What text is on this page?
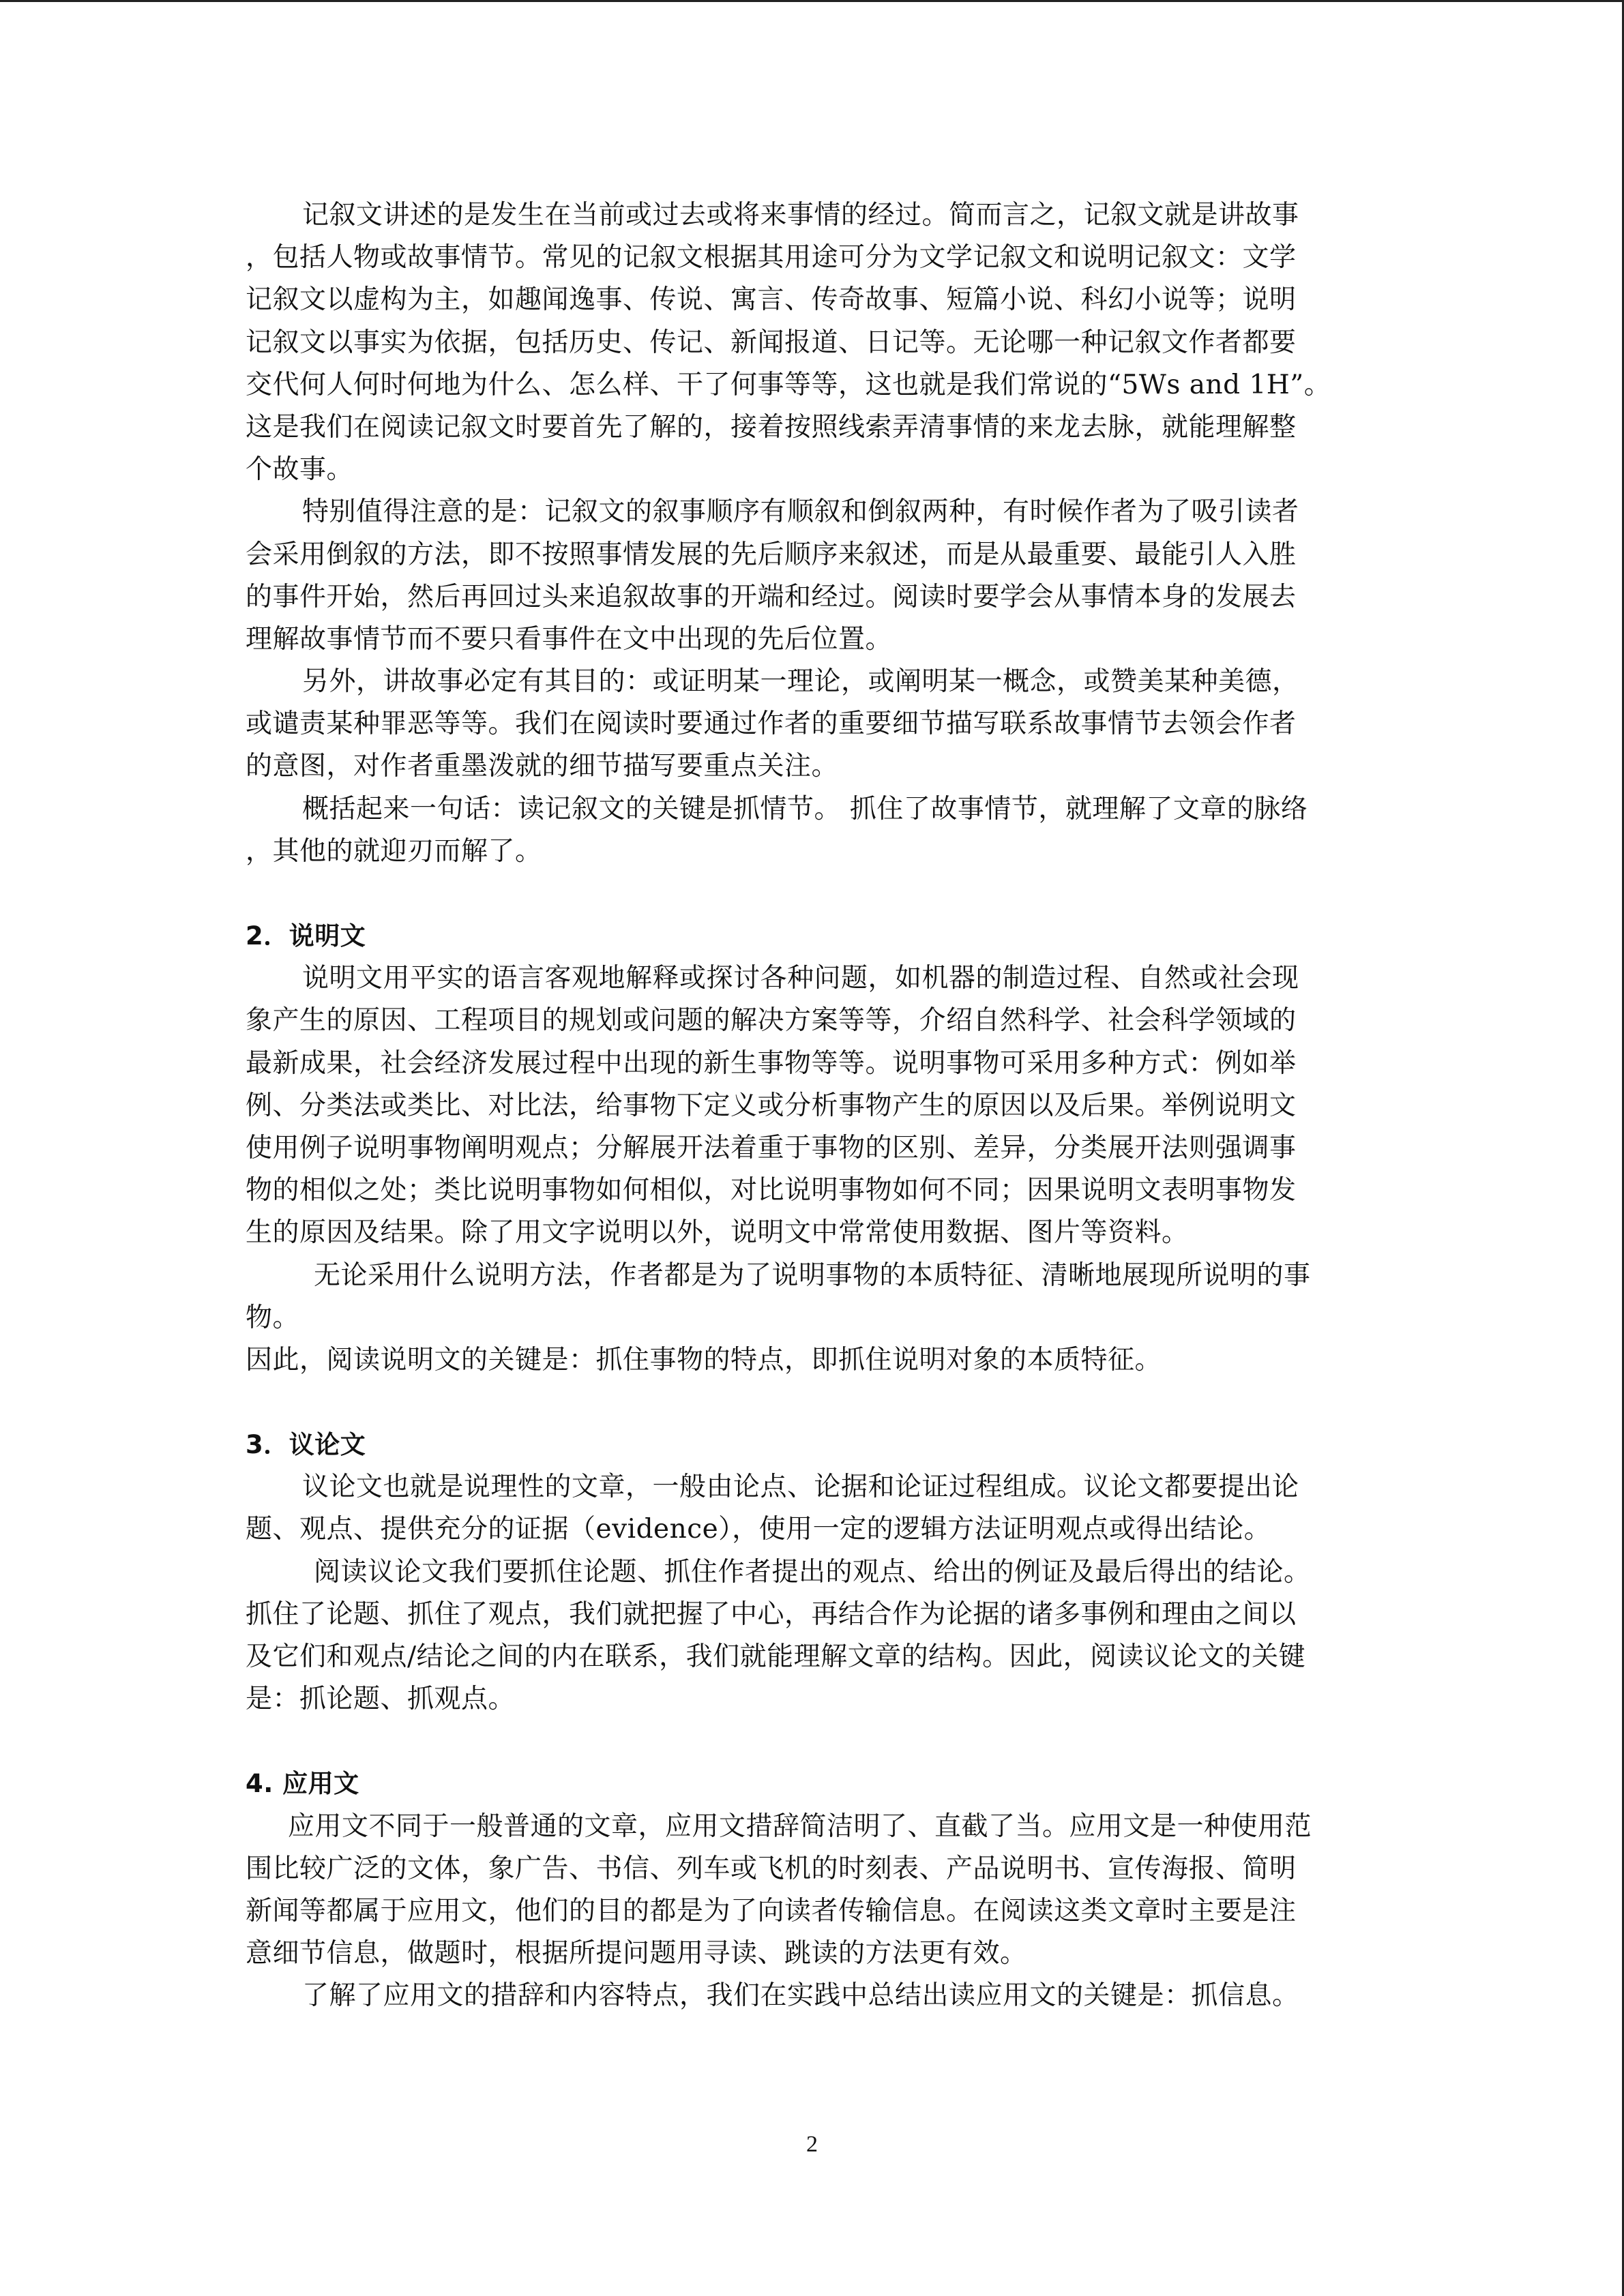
记叙文讲述的是发生在当前或过去或将来事情的经过。简而言之，记叙文就是讲故事
，包括人物或故事情节。常见的记叙文根据其用途可分为文学记叙文和说明记叙文：文学
记叙文以虚构为主，如趣闻逸事、传说、寓言、传奇故事、短篇小说、科幻小说等；说明
记叙文以事实为依据，包括历史、传记、新闻报道、日记等。无论哪一种记叙文作者都要
交代何人何时何地为什么、怎么样、干了何事等等，这也就是我们常说的“5Ws and 1H”。
这是我们在阅读记叙文时要首先了解的，接着按照线索弄清事情的来龙去脉，就能理解整
个故事。
特别值得注意的是：记叙文的叙事顺序有顺叙和倒叙两种，有时候作者为了吸引读者
会采用倒叙的方法，即不按照事情发展的先后顺序来叙述，而是从最重要、最能引人入胜
的事件开始，然后再回过头来追叙故事的开端和经过。阅读时要学会从事情本身的发展去
理解故事情节而不要只看事件在文中出现的先后位置。
另外，讲故事必定有其目的：或证明某一理论，或阐明某一概念，或赞美某种美德，
或谴责某种罪恶等等。我们在阅读时要通过作者的重要细节描写联系故事情节去领会作者
的意图，对作者重墨泼就的细节描写要重点关注。
概括起来一句话：读记叙文的关键是抓情节。 抓住了故事情节，就理解了文章的脉络
，其他的就迎刃而解了。
2．说明文
说明文用平实的语言客观地解释或探讨各种问题，如机器的制造过程、自然或社会现
象产生的原因、工程项目的规划或问题的解决方案等等，介绍自然科学、社会科学领域的
最新成果，社会经济发展过程中出现的新生事物等等。说明事物可采用多种方式：例如举
例、分类法或类比、对比法，给事物下定义或分析事物产生的原因以及后果。举例说明文
使用例子说明事物阐明观点；分解展开法着重于事物的区别、差异，分类展开法则强调事
物的相似之处；类比说明事物如何相似，对比说明事物如何不同；因果说明文表明事物发
生的原因及结果。除了用文字说明以外，说明文中常常使用数据、图片等资料。
无论采用什么说明方法，作者都是为了说明事物的本质特征、清晰地展现所说明的事
物。
因此，阅读说明文的关键是：抓住事物的特点，即抓住说明对象的本质特征。
3．议论文
议论文也就是说理性的文章，一般由论点、论据和论证过程组成。议论文都要提出论
题、观点、提供充分的证据（evidence），使用一定的逻辑方法证明观点或得出结论。
阅读议论文我们要抓住论题、抓住作者提出的观点、给出的例证及最后得出的结论。
抓住了论题、抓住了观点，我们就把握了中心，再结合作为论据的诸多事例和理由之间以
及它们和观点/结论之间的内在联系，我们就能理解文章的结构。因此，阅读议论文的关键
是：抓论题、抓观点。
4. 应用文
应用文不同于一般普通的文章，应用文措辞简洁明了、直截了当。应用文是一种使用范
围比较广泛的文体，象广告、书信、列车或飞机的时刻表、产品说明书、宣传海报、简明
新闻等都属于应用文，他们的目的都是为了向读者传输信息。在阅读这类文章时主要是注
意细节信息，做题时，根据所提问题用寻读、跳读的方法更有效。
了解了应用文的措辞和内容特点，我们在实践中总结出读应用文的关键是：抓信息。
2
